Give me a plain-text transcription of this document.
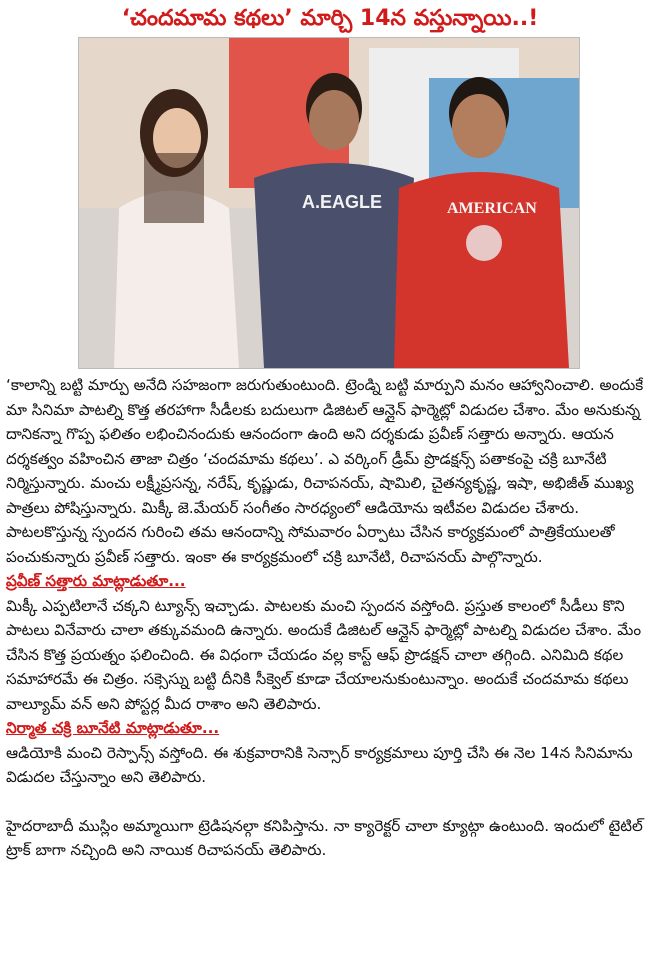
‘చందమామ కథలు’ మార్చి 14న వస్తున్నాయి..!
A.EAGLE	AMERICAN

‘కాలాన్ని బట్టి మార్పు అనేది సహజంగా జరుగుతుంటుంది. ట్రెండ్ని బట్టి మార్పుని మనం ఆహ్వానించాలి. అందుకే మా సినిమా పాటల్ని కొత్త తరహాగా సీడీలకు బదులుగా డిజిటల్ ఆన్లైన్ ఫార్మెట్లో విడుదల చేశాం. మేం అనుకున్న దానికన్నా గొప్ప ఫలితం లభించినందుకు ఆనందంగా ఉంది అని దర్శకుడు ప్రవీణ్ సత్తారు అన్నారు. ఆయన దర్శకత్వం వహించిన తాజా చిత్రం ‘చందమామ కథలు’. ఎ వర్కింగ్ డ్రీమ్ ప్రొడక్షన్స్ పతాకంపై చక్రి బూనేటి నిర్మిస్తున్నారు. మంచు లక్ష్మీప్రసన్న, నరేష్, కృష్ణుడు, రిచాపనయ్, షామిలి, చైతన్యకృష్ణ, ఇషా, అభిజీత్ ముఖ్య పాత్రలు పోషిస్తున్నారు. మిక్కీ జె.మేయర్ సంగీతం సారధ్యంలో ఆడియోను ఇటీవల విడుదల చేశారు. పాటలకొస్తున్న స్పందన గురించి తమ ఆనందాన్ని సోమవారం ఏర్పాటు చేసిన కార్యక్రమంలో పాత్రికేయులతో పంచుకున్నారు ప్రవీణ్ సత్తారు. ఇంకా ఈ కార్యక్రమంలో చక్రి బూనేటి, రిచాపనయ్ పాల్గొన్నారు.

ప్రవీణ్ సత్తారు మాట్లాడుతూ...
మిక్కీ ఎప్పటిలానే చక్కని ట్యూన్స్ ఇచ్చాడు. పాటలకు మంచి స్పందన వస్తోంది. ప్రస్తుత కాలంలో సీడీలు కొని పాటలు వినేవారు చాలా తక్కువమంది ఉన్నారు. అందుకే డిజిటల్ ఆన్లైన్ ఫార్మెట్లో పాటల్ని విడుదల చేశాం. మేం చేసిన కొత్త ప్రయత్నం ఫలించింది. ఈ విధంగా చేయడం వల్ల కాస్ట్ ఆఫ్ ప్రొడక్షన్ చాలా తగ్గింది. ఎనిమిది కథల సమాహారమే ఈ చిత్రం. సక్సెస్ను బట్టి దీనికి సీక్వెల్ కూడా చేయాలనుకుంటున్నాం. అందుకే చందమామ కథలు వాల్యూమ్ వన్ అని పోస్టర్ల మీద రాశాం అని తెలిపారు.

నిర్మాత చక్రి బూనేటి మాట్లాడుతూ...
ఆడియోకి మంచి రెస్పాన్స్ వస్తోంది. ఈ శుక్రవారానికి సెన్సార్ కార్యక్రమాలు పూర్తి చేసి ఈ నెల 14న సినిమాను విడుదల చేస్తున్నాం అని తెలిపారు.

హైదరాబాదీ ముస్లిం అమ్మాయిగా ట్రెడిషనల్గా కనిపిస్తాను. నా క్యారెక్టర్ చాలా క్యూట్గా ఉంటుంది. ఇందులో టైటిల్ ట్రాక్ బాగా నచ్చింది అని నాయిక రిచాపనయ్ తెలిపారు.
